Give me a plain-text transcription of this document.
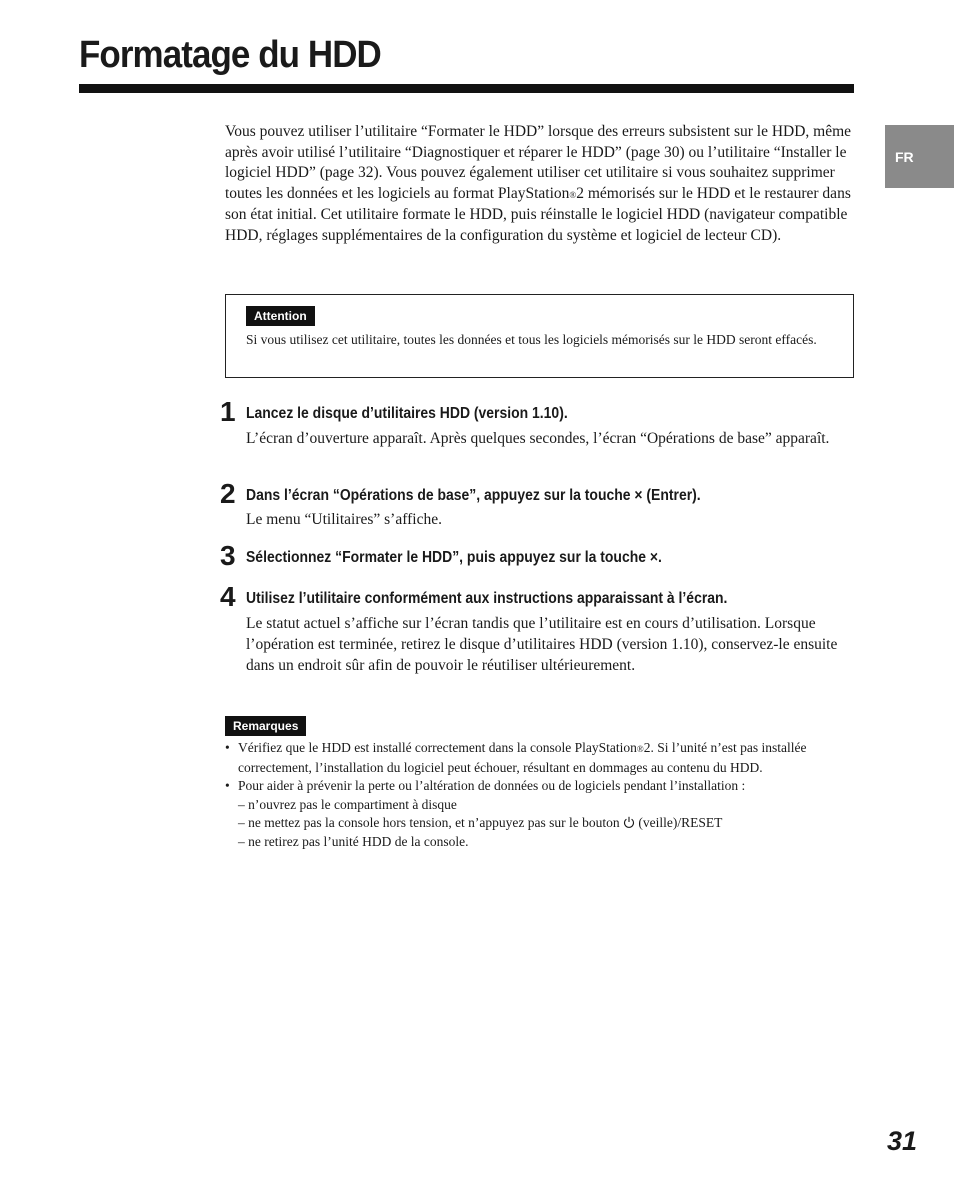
Formatage du HDD
FR

Vous pouvez utiliser l’utilitaire “Formater le HDD” lorsque des erreurs subsistent sur le HDD, même après avoir utilisé l’utilitaire “Diagnostiquer et réparer le HDD” (page 30) ou l’utilitaire “Installer le logiciel HDD” (page 32). Vous pouvez également utiliser cet utilitaire si vous souhaitez supprimer toutes les données et les logiciels au format PlayStation®2 mémorisés sur le HDD et le restaurer dans son état initial. Cet utilitaire formate le HDD, puis réinstalle le logiciel HDD (navigateur compatible HDD, réglages supplémentaires de la configuration du système et logiciel de lecteur CD).

Attention

Si vous utilisez cet utilitaire, toutes les données et tous les logiciels mémorisés sur le HDD seront effacés.

1 Lancez le disque d’utilitaires HDD (version 1.10).

L’écran d’ouverture apparaît. Après quelques secondes, l’écran “Opérations de base” apparaît.

2 Dans l’écran “Opérations de base”, appuyez sur la touche × (Entrer).

Le menu “Utilitaires” s’affiche.

3 Sélectionnez “Formater le HDD”, puis appuyez sur la touche ×.

4 Utilisez l’utilitaire conformément aux instructions apparaissant à l’écran.

Le statut actuel s’affiche sur l’écran tandis que l’utilitaire est en cours d’utilisation. Lorsque l’opération est terminée, retirez le disque d’utilitaires HDD (version 1.10), conservez-le ensuite dans un endroit sûr afin de pouvoir le réutiliser ultérieurement.

Remarques
• Vérifiez que le HDD est installé correctement dans la console PlayStation®2. Si l’unité n’est pas installée correctement, l’installation du logiciel peut échouer, résultant en dommages au contenu du HDD.
• Pour aider à prévenir la perte ou l’altération de données ou de logiciels pendant l’installation :
– n’ouvrez pas le compartiment à disque
– ne mettez pas la console hors tension, et n’appuyez pas sur le bouton (veille)/RESET
– ne retirez pas l’unité HDD de la console.
31
